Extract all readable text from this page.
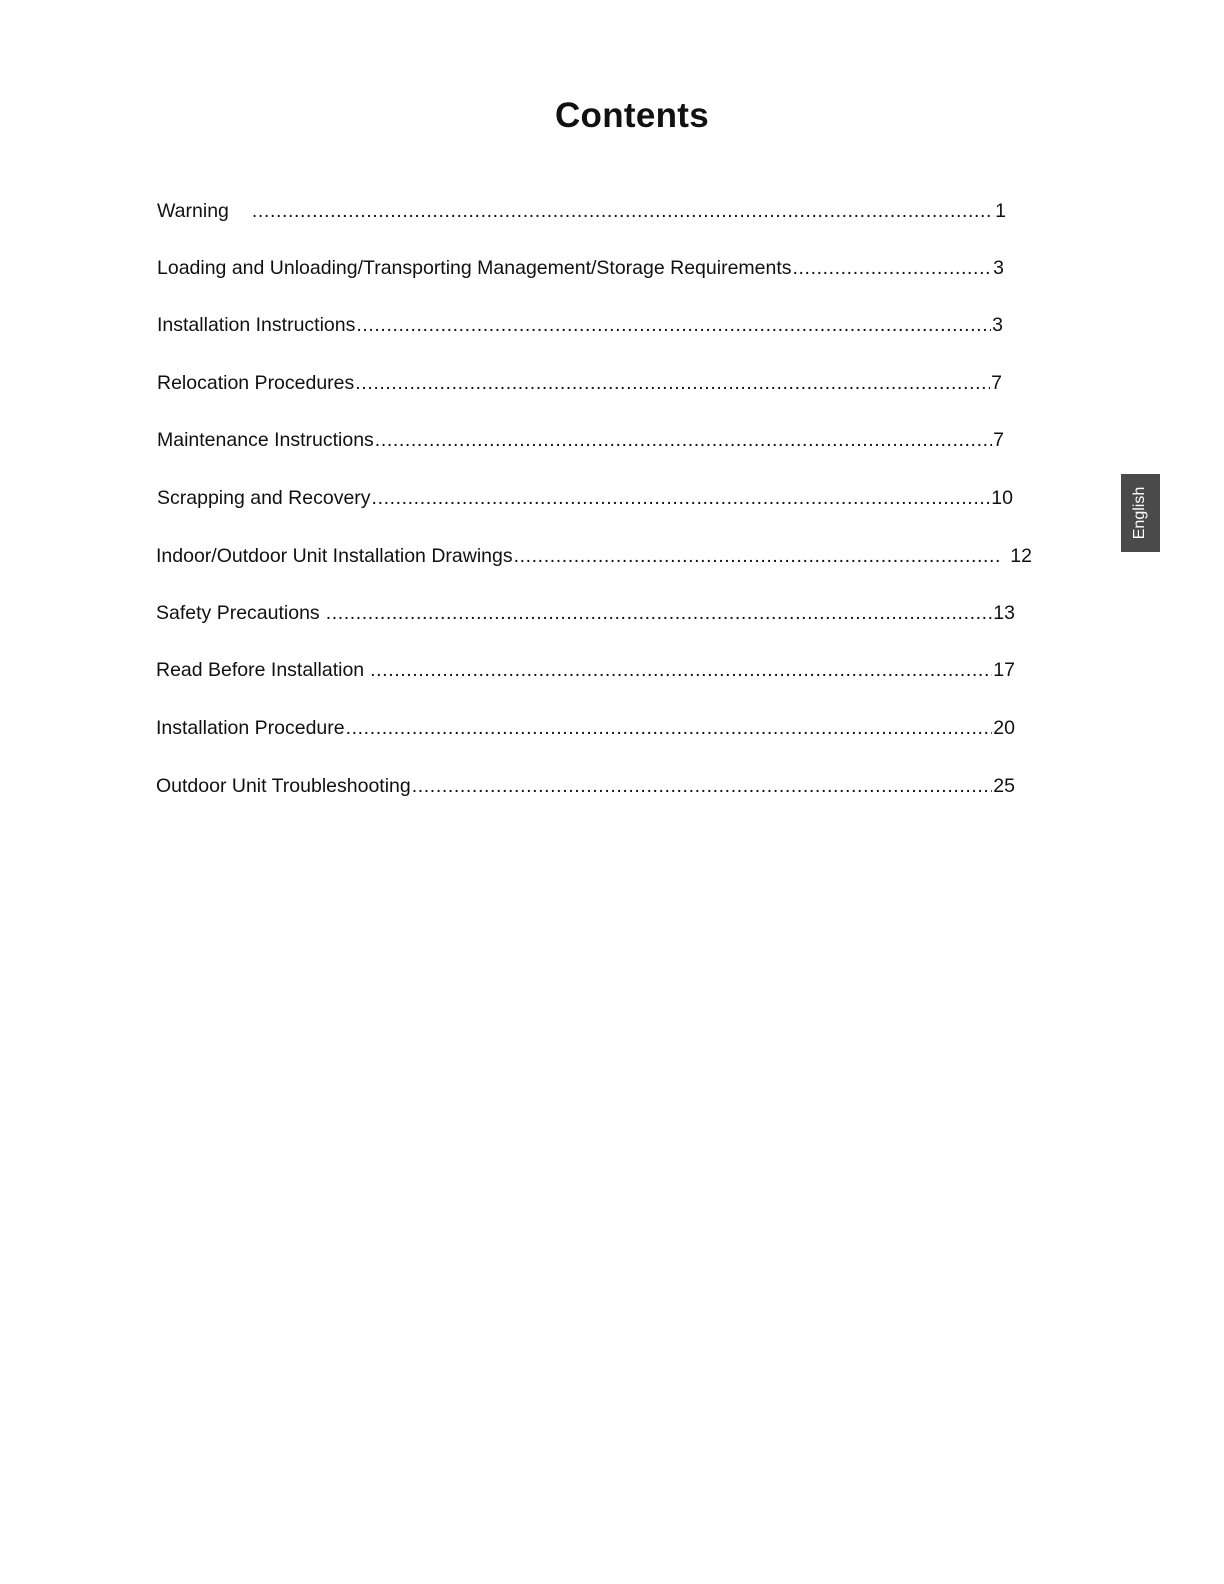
Contents
Warning .....	1
Loading and Unloading/Transporting Management/Storage Requirements .....	3
Installation Instructions .....	3
Relocation Procedures .....	7
Maintenance Instructions .....	7
Scrapping and Recovery .....	10
Indoor/Outdoor Unit Installation Drawings .....	12
Safety Precautions .....	13
Read Before Installation .....	17
Installation Procedure .....	20
Outdoor Unit Troubleshooting .....	25
English
